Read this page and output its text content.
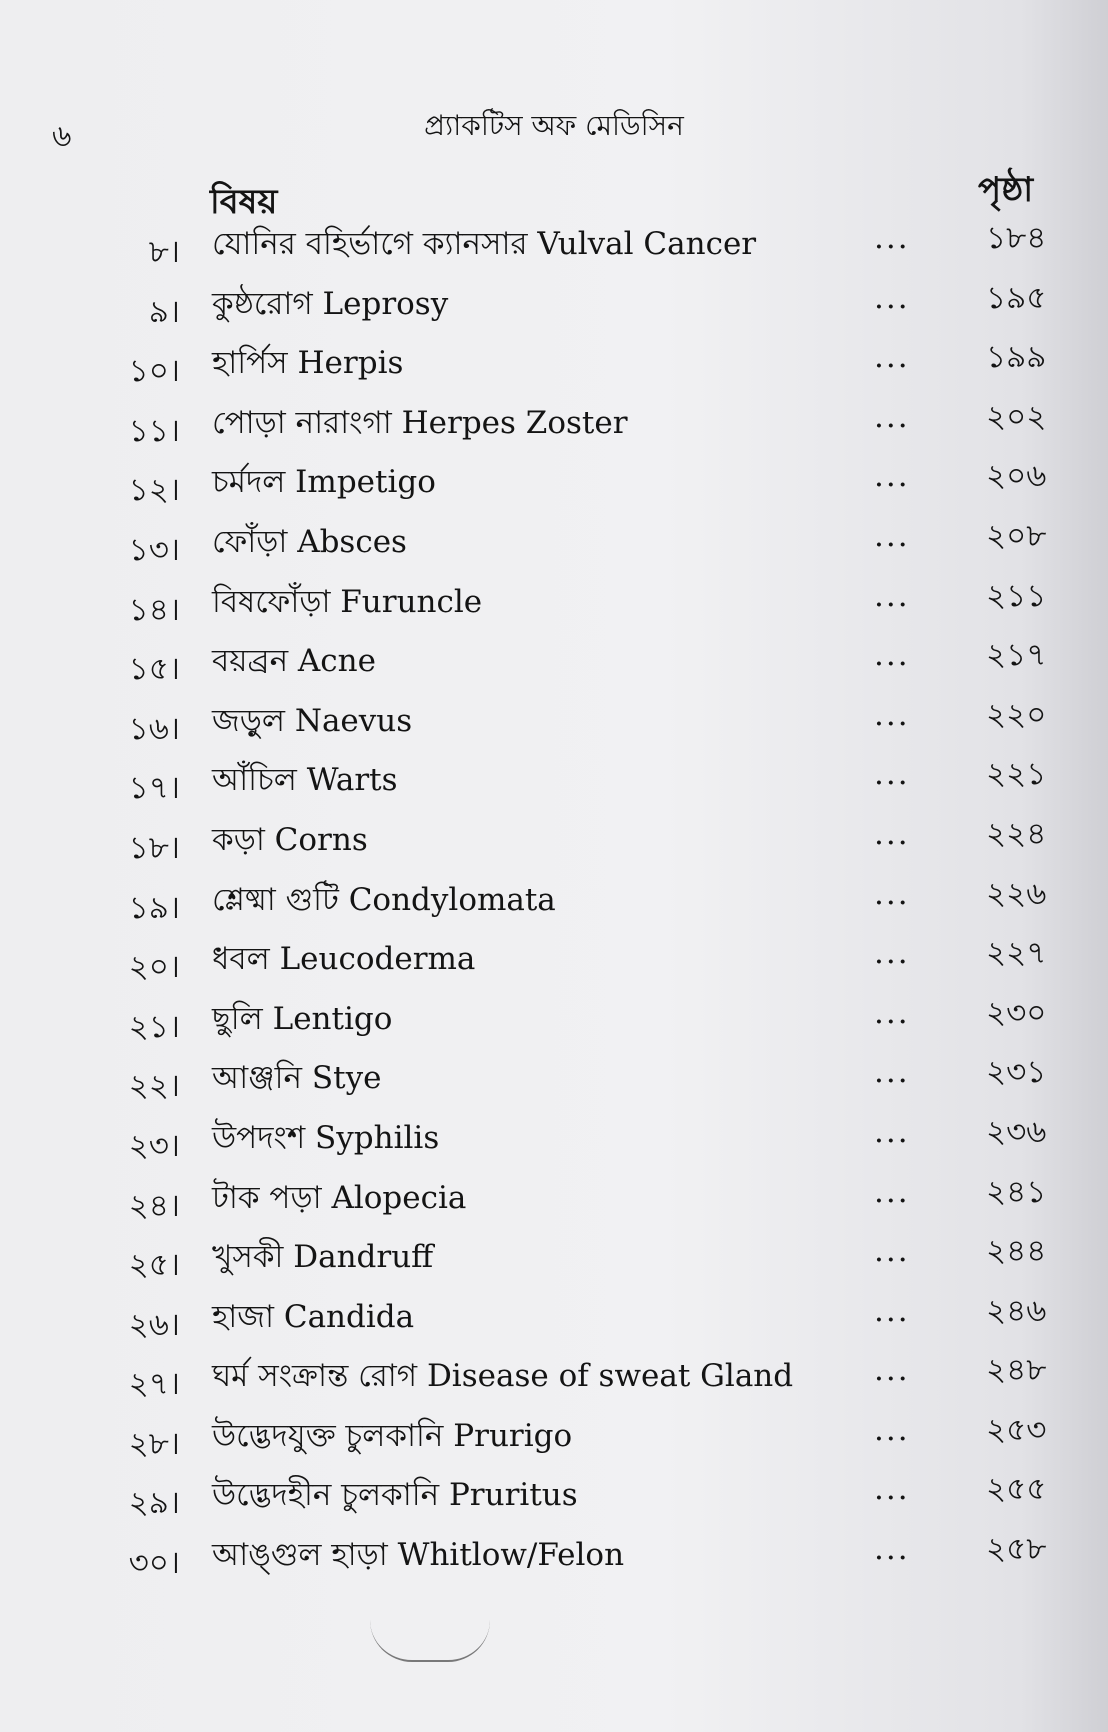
৬	প্র্যাকটিস অফ মেডিসিন
বিষয়	পৃষ্ঠা
৮। যোনির বহির্ভাগে ক্যানসার Vulval Cancer	... ১৮৪
৯। কুষ্ঠরোগ Leprosy	... ১৯৫
১০। হার্পিস Herpis	... ১৯৯
১১। পোড়া নারাংগা Herpes Zoster	... ২০২
১২। চর্মদল Impetigo	... ২০৬
১৩। ফোঁড়া Absces	... ২০৮
১৪। বিষফোঁড়া Furuncle	... ২১১
১৫। বয়ব্রন Acne	... ২১৭
১৬। জড়ুল Naevus	... ২২০
১৭। আঁচিল Warts	... ২২১
১৮। কড়া Corns	... ২২৪
১৯। শ্লেষ্মা গুটি Condylomata	... ২২৬
২০। ধবল Leucoderma	... ২২৭
২১। ছুলি Lentigo	... ২৩০
২২। আঞ্জনি Stye	... ২৩১
২৩। উপদংশ Syphilis	... ২৩৬
২৪। টাক পড়া Alopecia	... ২৪১
২৫। খুসকী Dandruff	... ২৪৪
২৬। হাজা Candida	... ২৪৬
২৭। ঘর্ম সংক্রান্ত রোগ Disease of sweat Gland	... ২৪৮
২৮। উদ্ভেদযুক্ত চুলকানি Prurigo	... ২৫৩
২৯। উদ্ভেদহীন চুলকানি Pruritus	... ২৫৫
৩০। আঙ্গুল হাড়া Whitlow/Felon	... ২৫৮
